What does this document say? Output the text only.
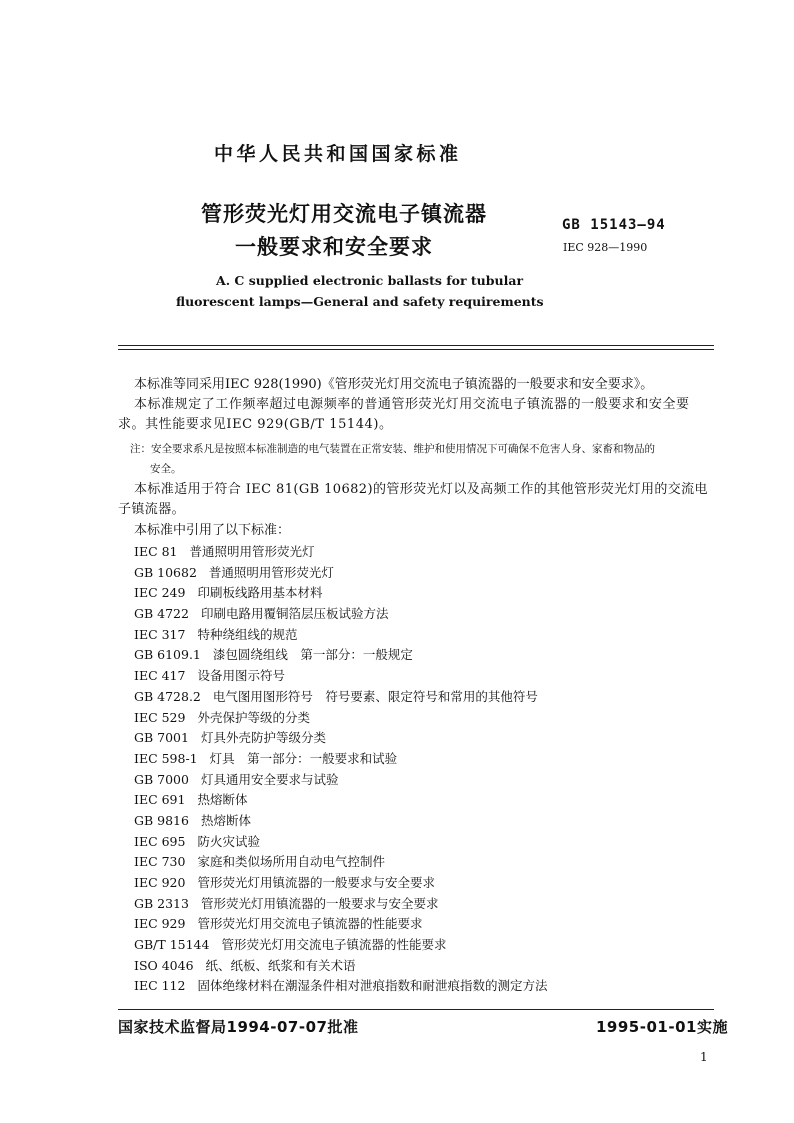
中华人民共和国国家标准
管形荧光灯用交流电子镇流器
一般要求和安全要求
GB 15143—94
IEC 928—1990
A. C supplied electronic ballasts for tubular
fluorescent lamps—General and safety requirements

本标准等同采用IEC 928(1990)《管形荧光灯用交流电子镇流器的一般要求和安全要求》。

本标准规定了工作频率超过电源频率的普通管形荧光灯用交流电子镇流器的一般要求和安全要求。其性能要求见IEC 929(GB/T 15144)。

注：安全要求系凡是按照本标准制造的电气装置在正常安装、维护和使用情况下可确保不危害人身、家畜和物品的
安全。

本标准适用于符合 IEC 81(GB 10682)的管形荧光灯以及高频工作的其他管形荧光灯用的交流电子镇流器。

本标准中引用了以下标准：

IEC 81 普通照明用管形荧光灯
GB 10682 普通照明用管形荧光灯
IEC 249 印刷板线路用基本材料
GB 4722 印刷电路用覆铜箔层压板试验方法
IEC 317 特种绕组线的规范
GB 6109.1 漆包圆绕组线　第一部分：一般规定
IEC 417 设备用图示符号
GB 4728.2 电气图用图形符号　符号要素、限定符号和常用的其他符号
IEC 529 外壳保护等级的分类
GB 7001 灯具外壳防护等级分类
IEC 598-1 灯具　第一部分：一般要求和试验
GB 7000 灯具通用安全要求与试验
IEC 691 热熔断体
GB 9816 热熔断体
IEC 695 防火灾试验
IEC 730 家庭和类似场所用自动电气控制件
IEC 920 管形荧光灯用镇流器的一般要求与安全要求
GB 2313 管形荧光灯用镇流器的一般要求与安全要求
IEC 929 管形荧光灯用交流电子镇流器的性能要求
GB/T 15144 管形荧光灯用交流电子镇流器的性能要求
ISO 4046 纸、纸板、纸浆和有关术语
IEC 112 固体绝缘材料在潮湿条件相对泄痕指数和耐泄痕指数的测定方法
国家技术监督局1994-07-07批准	1995-01-01实施
1
